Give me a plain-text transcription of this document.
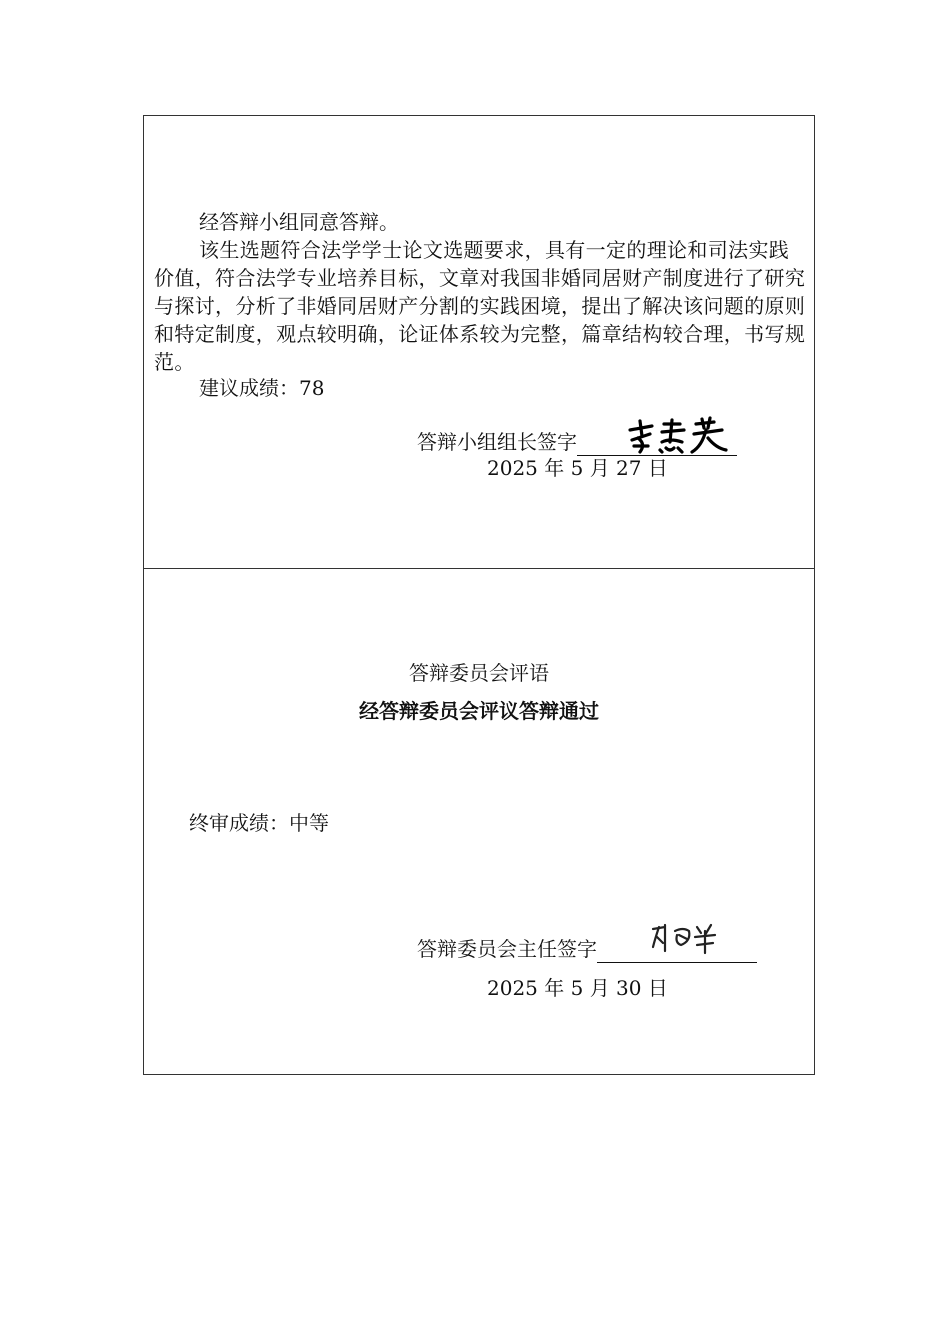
经答辩小组同意答辩。

该生选题符合法学学士论文选题要求，具有一定的理论和司法实践价值，符合法学专业培养目标，文章对我国非婚同居财产制度进行了研究与探讨，分析了非婚同居财产分割的实践困境，提出了解决该问题的原则和特定制度，观点较明确，论证体系较为完整，篇章结构较合理，书写规范。

建议成绩：78

答辩小组组长签字

2025 年 5 月 27 日

答辩委员会评语

经答辩委员会评议答辩通过

终审成绩：中等

答辩委员会主任签字

2025 年 5 月 30 日
